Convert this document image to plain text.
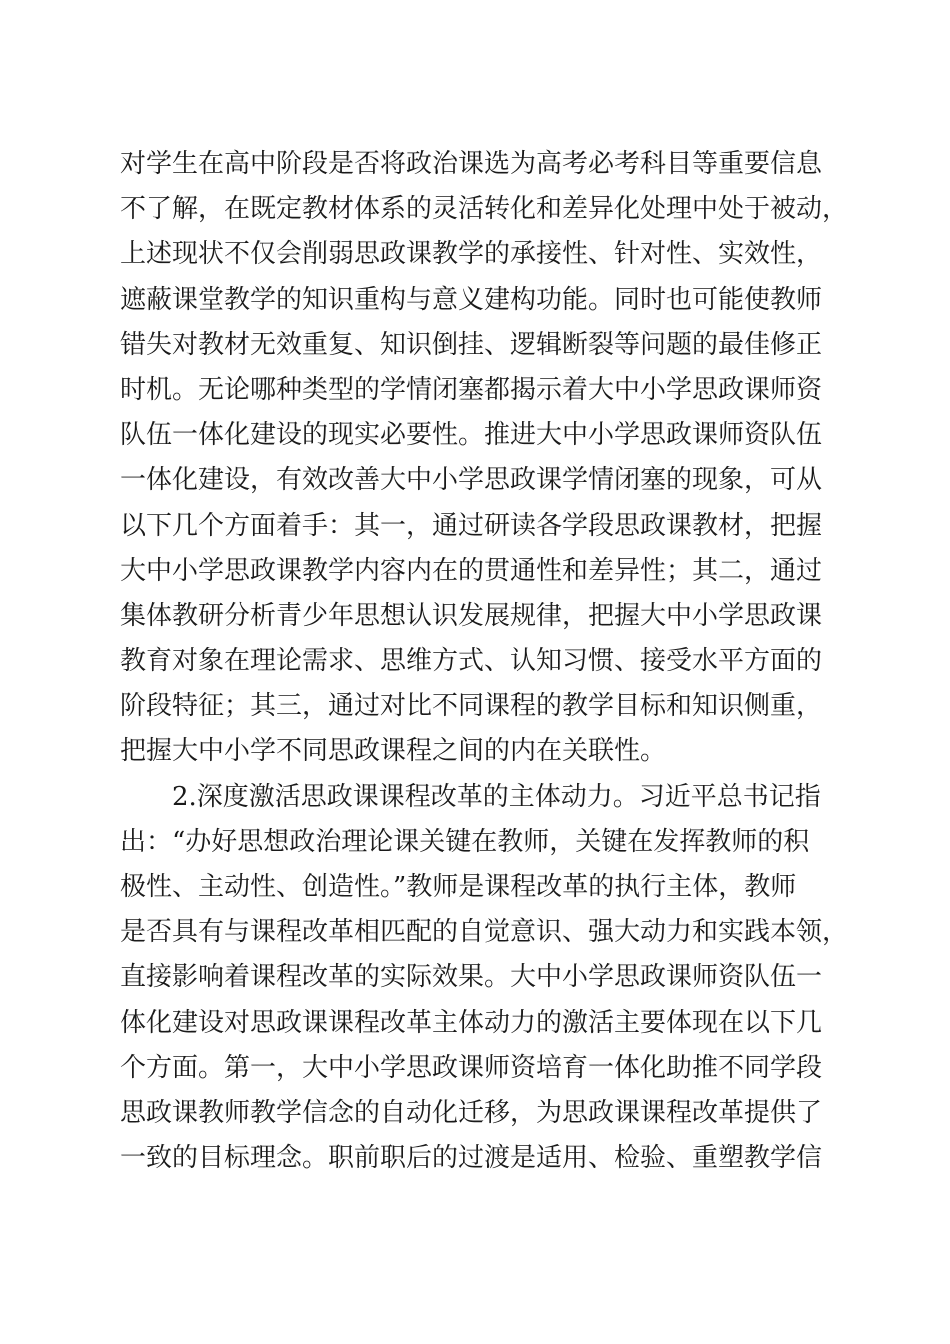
对学生在高中阶段是否将政治课选为高考必考科目等重要信息
不了解，在既定教材体系的灵活转化和差异化处理中处于被动，
上述现状不仅会削弱思政课教学的承接性、针对性、实效性，
遮蔽课堂教学的知识重构与意义建构功能。同时也可能使教师
错失对教材无效重复、知识倒挂、逻辑断裂等问题的最佳修正
时机。无论哪种类型的学情闭塞都揭示着大中小学思政课师资
队伍一体化建设的现实必要性。推进大中小学思政课师资队伍
一体化建设，有效改善大中小学思政课学情闭塞的现象，可从
以下几个方面着手：其一，通过研读各学段思政课教材，把握
大中小学思政课教学内容内在的贯通性和差异性；其二，通过
集体教研分析青少年思想认识发展规律，把握大中小学思政课
教育对象在理论需求、思维方式、认知习惯、接受水平方面的
阶段特征；其三，通过对比不同课程的教学目标和知识侧重，
把握大中小学不同思政课程之间的内在关联性。
2.深度激活思政课课程改革的主体动力。习近平总书记指
出：“办好思想政治理论课关键在教师，关键在发挥教师的积
极性、主动性、创造性。”教师是课程改革的执行主体，教师
是否具有与课程改革相匹配的自觉意识、强大动力和实践本领，
直接影响着课程改革的实际效果。大中小学思政课师资队伍一
体化建设对思政课课程改革主体动力的激活主要体现在以下几
个方面。第一，大中小学思政课师资培育一体化助推不同学段
思政课教师教学信念的自动化迁移，为思政课课程改革提供了
一致的目标理念。职前职后的过渡是适用、检验、重塑教学信
